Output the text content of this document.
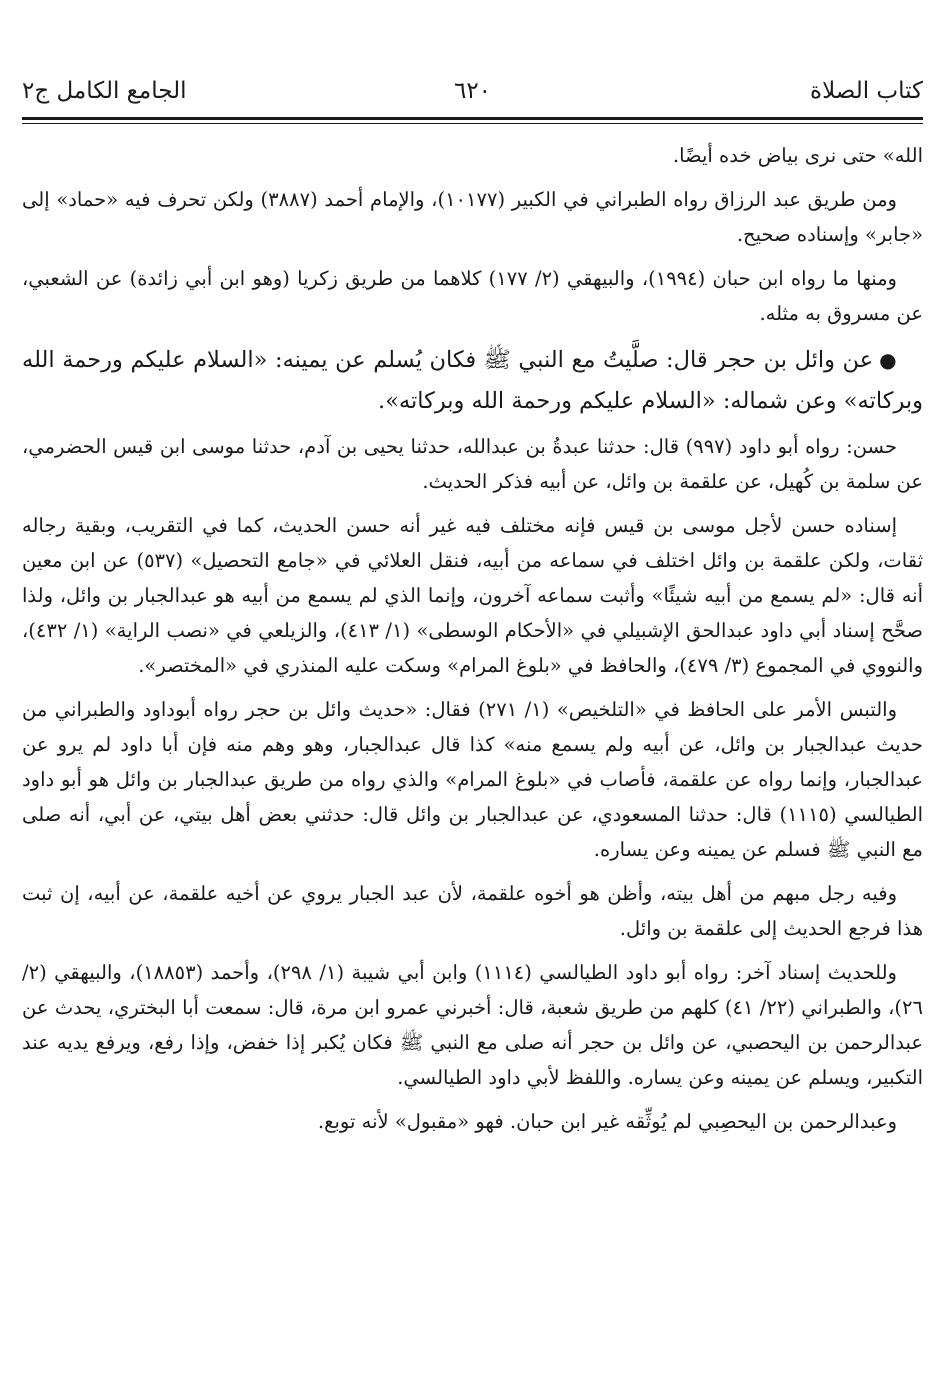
كتاب الصلاة
٦٢٠
الجامع الكامل ج٢

الله» حتى نرى بياض خده أيضًا.

ومن طريق عبد الرزاق رواه الطبراني في الكبير (١٠١٧٧)، والإمام أحمد (٣٨٨٧) ولكن تحرف فيه «حماد» إلى «جابر» وإسناده صحيح.

ومنها ما رواه ابن حبان (١٩٩٤)، والبيهقي (٢/ ١٧٧) كلاهما من طريق زكريا (وهو ابن أبي زائدة) عن الشعبي، عن مسروق به مثله.

●عن وائل بن حجر قال: صلَّيتُ مع النبي ﷺ فكان يُسلم عن يمينه: «السلام عليكم ورحمة الله وبركاته» وعن شماله: «السلام عليكم ورحمة الله وبركاته».

حسن: رواه أبو داود (٩٩٧) قال: حدثنا عبدةُ بن عبدالله، حدثنا يحيى بن آدم، حدثنا موسى ابن قيس الحضرمي، عن سلمة بن كُهيل، عن علقمة بن وائل، عن أبيه فذكر الحديث.

إسناده حسن لأجل موسى بن قيس فإنه مختلف فيه غير أنه حسن الحديث، كما في التقريب، وبقية رجاله ثقات، ولكن علقمة بن وائل اختلف في سماعه من أبيه، فنقل العلائي في «جامع التحصيل» (٥٣٧) عن ابن معين أنه قال: «لم يسمع من أبيه شيئًا» وأثبت سماعه آخرون، وإنما الذي لم يسمع من أبيه هو عبدالجبار بن وائل، ولذا صحَّح إسناد أبي داود عبدالحق الإشبيلي في «الأحكام الوسطى» (١/ ٤١٣)، والزيلعي في «نصب الراية» (١/ ٤٣٢)، والنووي في المجموع (٣/ ٤٧٩)، والحافظ في «بلوغ المرام» وسكت عليه المنذري في «المختصر».

والتبس الأمر على الحافظ في «التلخيص» (١/ ٢٧١) فقال: «حديث وائل بن حجر رواه أبوداود والطبراني من حديث عبدالجبار بن وائل، عن أبيه ولم يسمع منه» كذا قال عبدالجبار، وهو وهم منه فإن أبا داود لم يرو عن عبدالجبار، وإنما رواه عن علقمة، فأصاب في «بلوغ المرام» والذي رواه من طريق عبدالجبار بن وائل هو أبو داود الطيالسي (١١١٥) قال: حدثنا المسعودي، عن عبدالجبار بن وائل قال: حدثني بعض أهل بيتي، عن أبي، أنه صلى مع النبي ﷺ فسلم عن يمينه وعن يساره.

وفيه رجل مبهم من أهل بيته، وأظن هو أخوه علقمة، لأن عبد الجبار يروي عن أخيه علقمة، عن أبيه، إن ثبت هذا فرجع الحديث إلى علقمة بن وائل.

وللحديث إسناد آخر: رواه أبو داود الطيالسي (١١١٤) وابن أبي شيبة (١/ ٢٩٨)، وأحمد (١٨٨٥٣)، والبيهقي (٢/ ٢٦)، والطبراني (٢٢/ ٤١) كلهم من طريق شعبة، قال: أخبرني عمرو ابن مرة، قال: سمعت أبا البختري، يحدث عن عبدالرحمن بن اليحصبي، عن وائل بن حجر أنه صلى مع النبي ﷺ فكان يُكبر إذا خفض، وإذا رفع، ويرفع يديه عند التكبير، ويسلم عن يمينه وعن يساره. واللفظ لأبي داود الطيالسي.

وعبدالرحمن بن اليحصِبي لم يُوثِّقه غير ابن حبان. فهو «مقبول» لأنه توبع.
